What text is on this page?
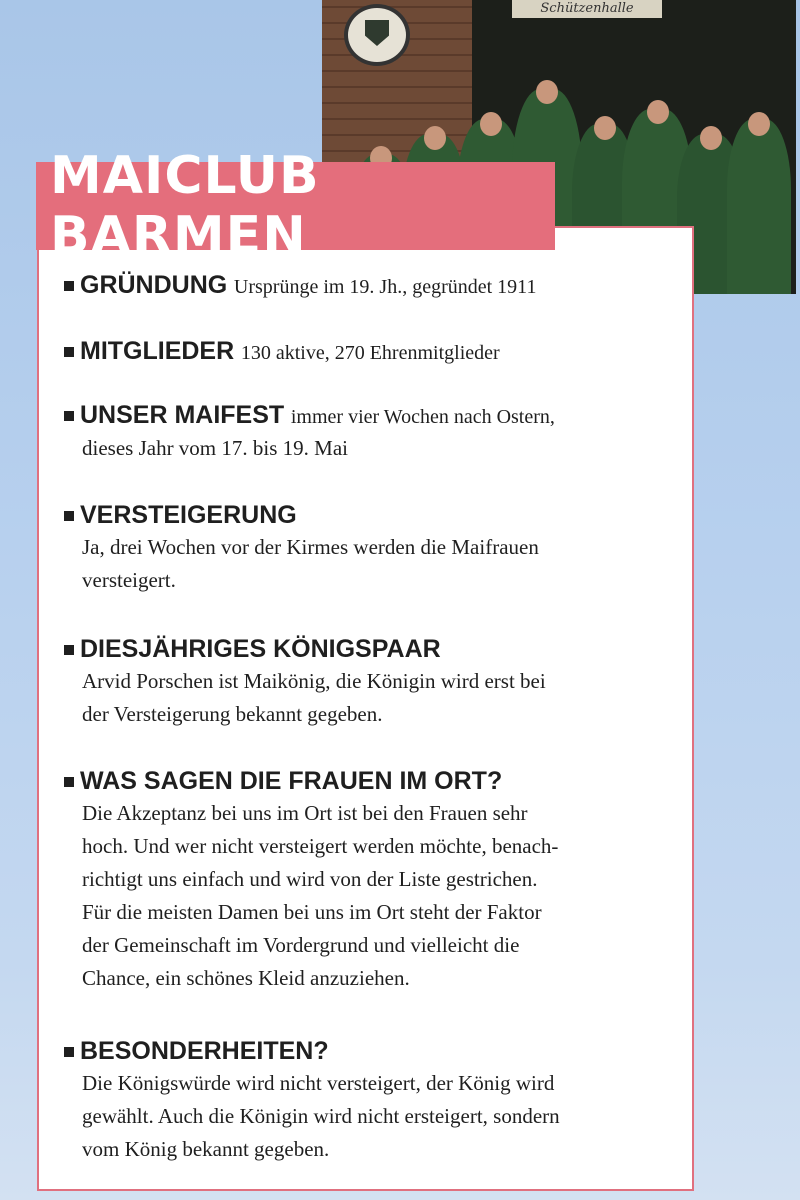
Schützenhalle
MAICLUB BARMEN
GRÜNDUNG Ursprünge im 19. Jh., gegründet 1911
MITGLIEDER 130 aktive, 270 Ehrenmitglieder
UNSER MAIFEST immer vier Wochen nach Ostern,
dieses Jahr vom 17. bis 19. Mai
VERSTEIGERUNG
Ja, drei Wochen vor der Kirmes werden die Maifrauen
versteigert.
DIESJÄHRIGES KÖNIGSPAAR
Arvid Porschen ist Maikönig, die Königin wird erst bei
der Versteigerung bekannt gegeben.
WAS SAGEN DIE FRAUEN IM ORT?
Die Akzeptanz bei uns im Ort ist bei den Frauen sehr
hoch. Und wer nicht versteigert werden möchte, benach-
richtigt uns einfach und wird von der Liste gestrichen.
Für die meisten Damen bei uns im Ort steht der Faktor
der Gemeinschaft im Vordergrund und vielleicht die
Chance, ein schönes Kleid anzuziehen.
BESONDERHEITEN?
Die Königswürde wird nicht versteigert, der König wird
gewählt. Auch die Königin wird nicht ersteigert, sondern
vom König bekannt gegeben.
